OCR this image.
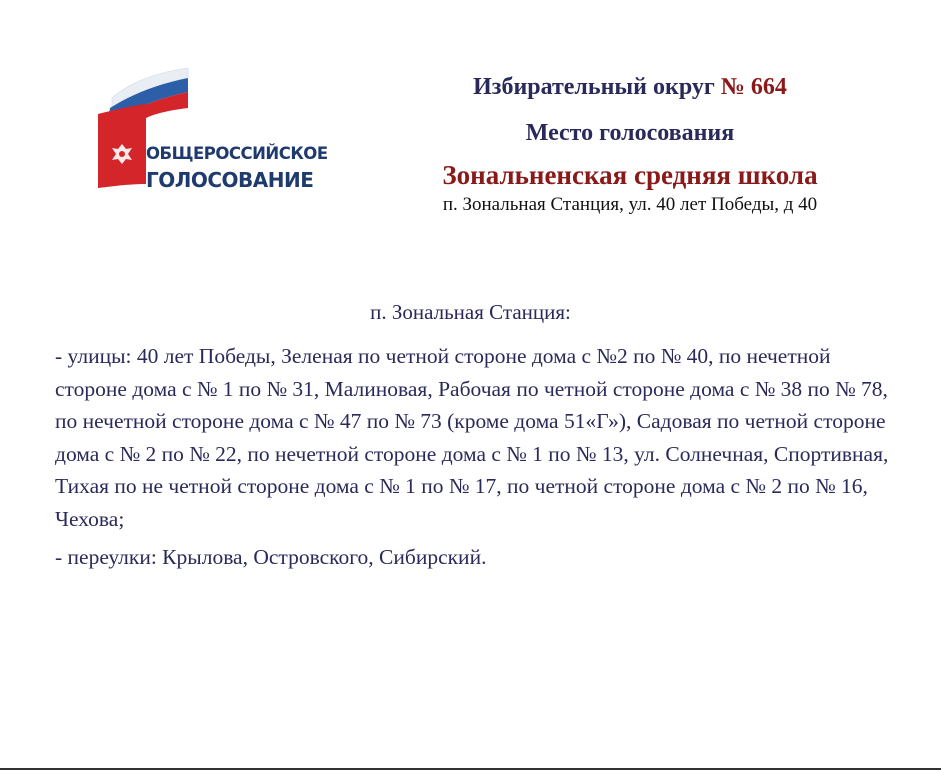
ОБЩЕРОССИЙСКОЕ
ГОЛОСОВАНИЕ
Избирательный округ № 664
Место голосования
Зональненская средняя школа
п. Зональная Станция, ул. 40 лет Победы, д 40
п. Зональная Станция:

- улицы: 40 лет Победы, Зеленая по четной стороне дома с №2 по № 40, по нечетной стороне дома с № 1 по № 31, Малиновая, Рабочая по четной стороне дома с № 38 по № 78, по нечетной стороне дома с № 47 по № 73 (кроме дома 51«Г»), Садовая по четной стороне дома с № 2 по № 22, по нечетной стороне дома с № 1 по № 13, ул. Солнечная, Спортивная, Тихая по не четной стороне дома с № 1 по № 17, по четной стороне дома с № 2 по № 16, Чехова;

- переулки: Крылова, Островского, Сибирский.
